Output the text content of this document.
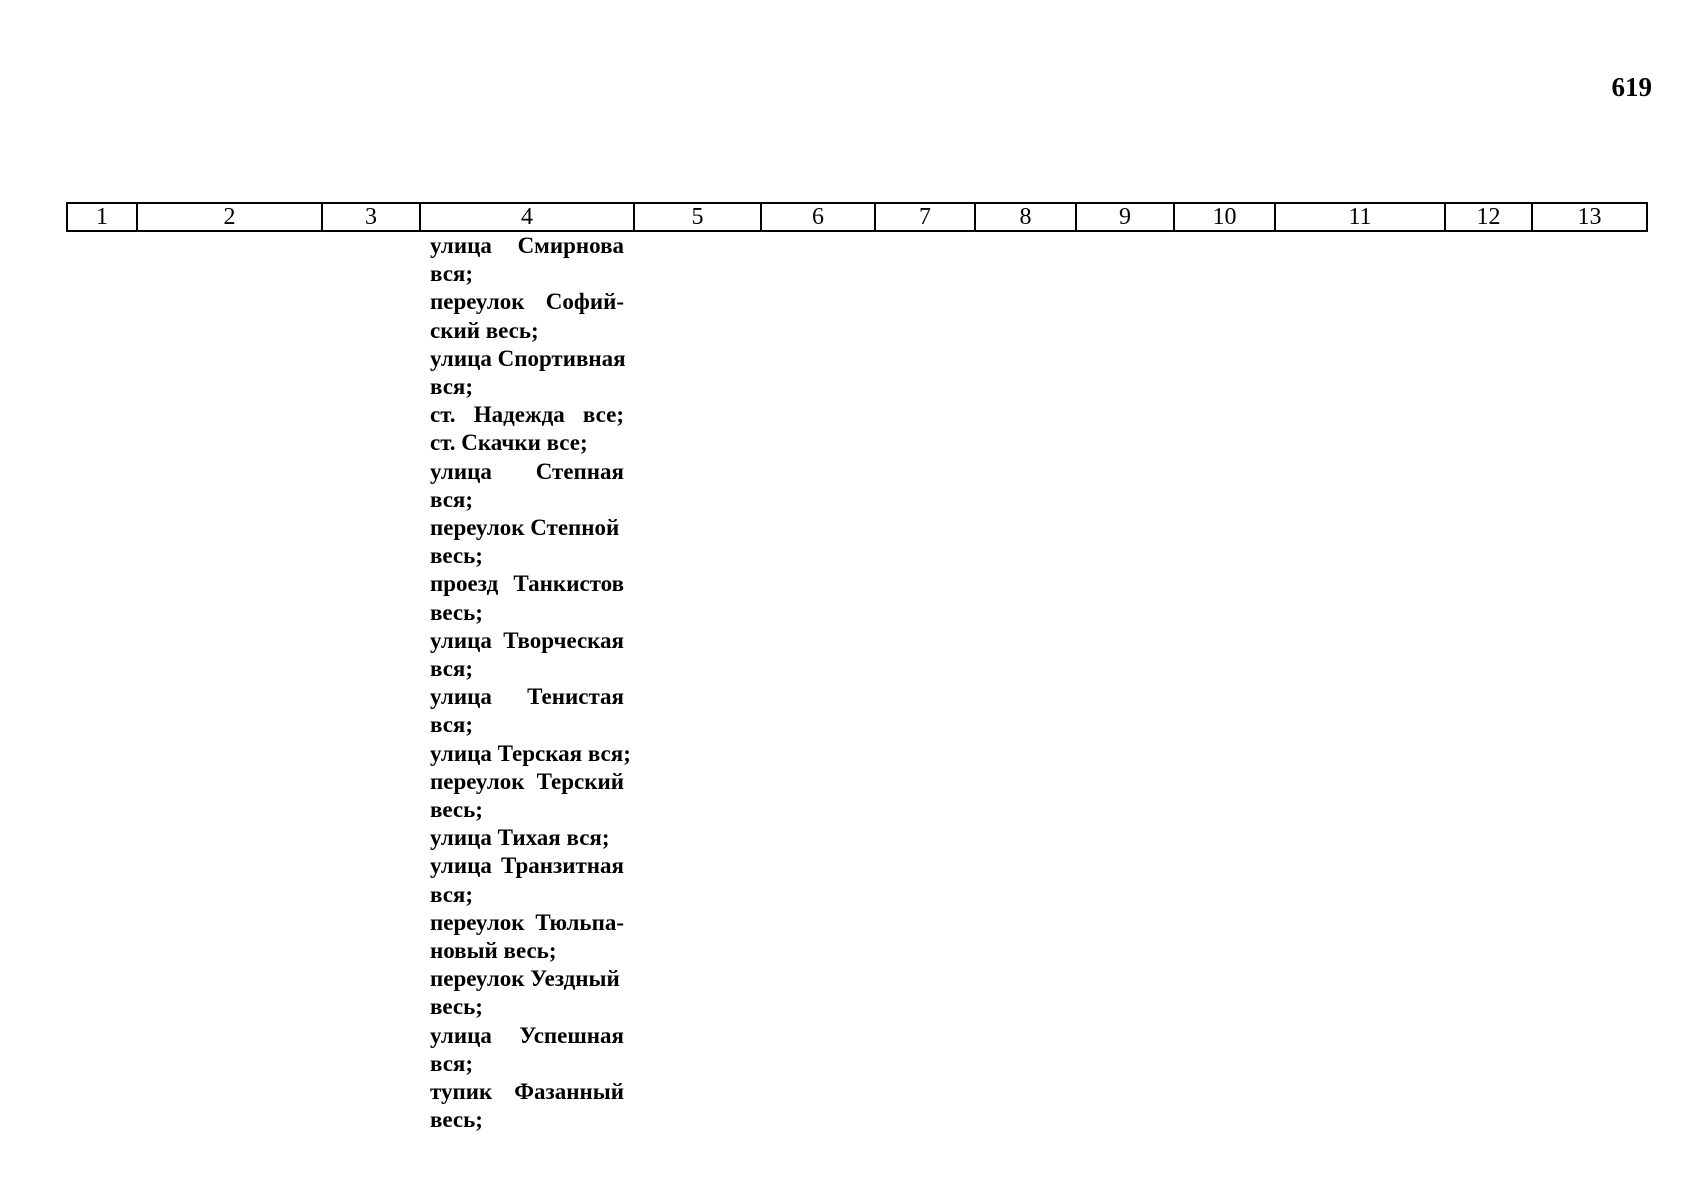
619
1	2	3	4	5	6	7	8	9	10	11	12	13
улица Смирнова
вся;
переулок Софий-
ский весь;
улица Спортивная
вся;
ст. Надежда все;
ст. Скачки все;
улица Степная
вся;
переулок Степной
весь;
проезд Танкистов
весь;
улица Творческая
вся;
улица Тенистая
вся;
улица Терская вся;
переулок Терский
весь;
улица Тихая вся;
улица Транзитная
вся;
переулок Тюльпа-
новый весь;
переулок Уездный
весь;
улица Успешная
вся;
тупик Фазанный
весь;
